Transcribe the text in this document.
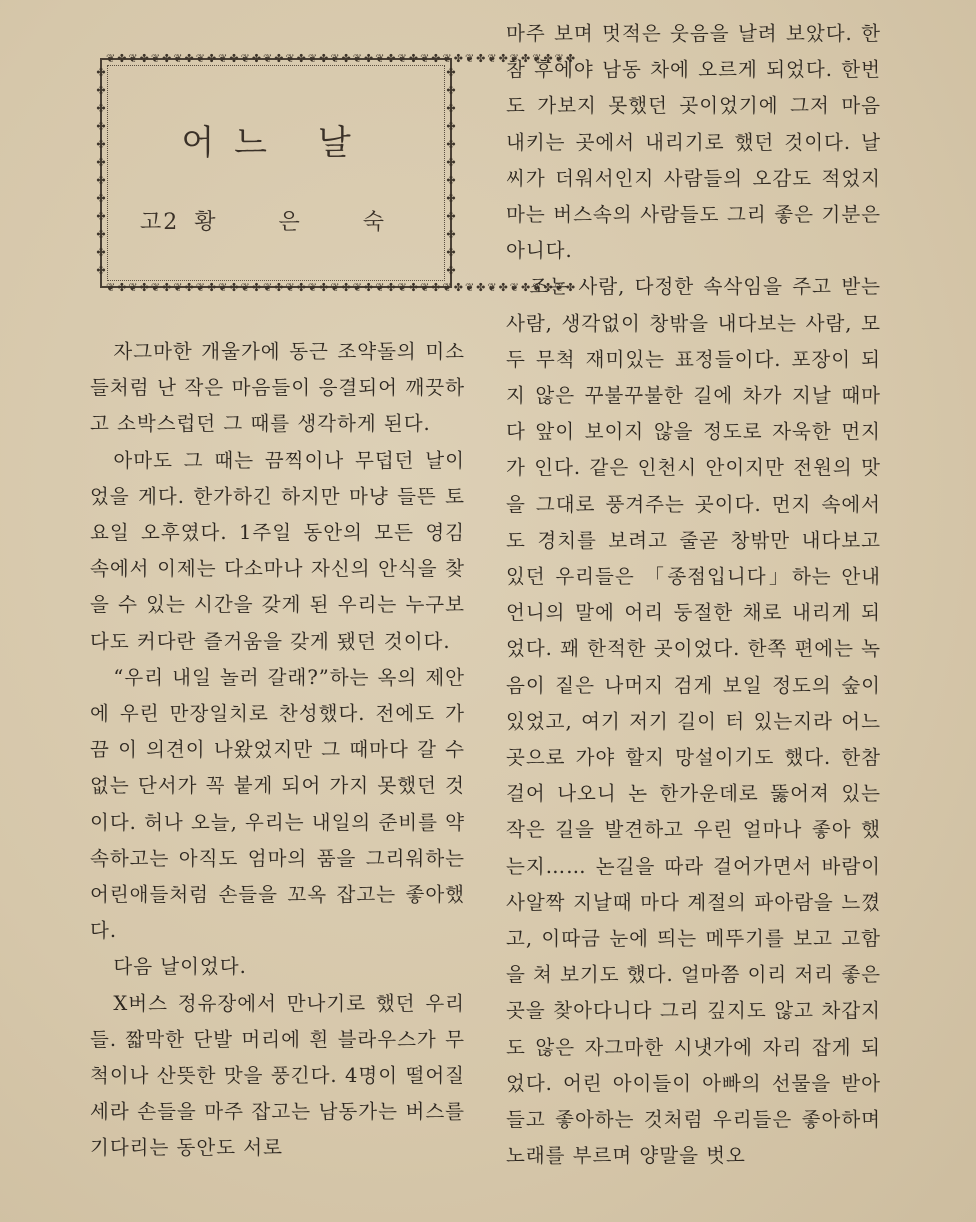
❦✤❦✤❦✤❦✤❦✤❦✤❦✤❦✤❦✤❦✤❦✤❦✤❦✤❦✤❦✤❦✤❦✤❦✤❦✤❦✤❦✤
❦✤❦✤❦✤❦✤❦✤❦✤❦✤❦✤❦✤❦✤❦✤❦✤❦✤❦✤❦✤❦✤❦✤❦✤❦✤❦✤❦✤
✤ ✤ ✤ ✤ ✤ ✤ ✤ ✤ ✤ ✤ ✤ ✤
✤ ✤ ✤ ✤ ✤ ✤ ✤ ✤ ✤ ✤ ✤ ✤
어느 날
고2 황 은 숙

자그마한 개울가에 동근 조약돌의 미소들처럼 난 작은 마음들이 응결되어 깨끗하고 소박스럽던 그 때를 생각하게 된다.

아마도 그 때는 끔찍이나 무덥던 날이었을 게다. 한가하긴 하지만 마냥 들뜬 토요일 오후였다. 1주일 동안의 모든 영김 속에서 이제는 다소마나 자신의 안식을 찾을 수 있는 시간을 갖게 된 우리는 누구보다도 커다란 즐거움을 갖게 됐던 것이다.

“우리 내일 놀러 갈래?”하는 옥의 제안에 우린 만장일치로 찬성했다. 전에도 가끔 이 의견이 나왔었지만 그 때마다 갈 수 없는 단서가 꼭 붙게 되어 가지 못했던 것이다. 허나 오늘, 우리는 내일의 준비를 약속하고는 아직도 엄마의 품을 그리워하는 어린애들처럼 손들을 꼬옥 잡고는 좋아했다.

다음 날이었다.

X버스 정유장에서 만나기로 했던 우리들. 짧막한 단발 머리에 흰 블라우스가 무척이나 산뜻한 맛을 풍긴다. 4명이 떨어질세라 손들을 마주 잡고는 남동가는 버스를 기다리는 동안도 서로

마주 보며 멋적은 웃음을 날려 보았다. 한참 후에야 남동 차에 오르게 되었다. 한번도 가보지 못했던 곳이었기에 그저 마음 내키는 곳에서 내리기로 했던 것이다. 날씨가 더워서인지 사람들의 오감도 적었지마는 버스속의 사람들도 그리 좋은 기분은 아니다.

조는 사람, 다정한 속삭임을 주고 받는 사람, 생각없이 창밖을 내다보는 사람, 모두 무척 재미있는 표정들이다. 포장이 되지 않은 꾸불꾸불한 길에 차가 지날 때마다 앞이 보이지 않을 정도로 자욱한 먼지가 인다. 같은 인천시 안이지만 전원의 맛을 그대로 풍겨주는 곳이다. 먼지 속에서도 경치를 보려고 줄곧 창밖만 내다보고 있던 우리들은 「종점입니다」하는 안내 언니의 말에 어리 둥절한 채로 내리게 되었다. 꽤 한적한 곳이었다. 한쪽 편에는 녹음이 짙은 나머지 검게 보일 정도의 숲이 있었고, 여기 저기 길이 터 있는지라 어느 곳으로 가야 할지 망설이기도 했다. 한참 걸어 나오니 논 한가운데로 뚫어져 있는 작은 길을 발견하고 우린 얼마나 좋아 했는지…… 논길을 따라 걸어가면서 바람이 사알짝 지날때 마다 계절의 파아람을 느꼈고, 이따금 눈에 띄는 메뚜기를 보고 고함을 쳐 보기도 했다. 얼마쯤 이리 저리 좋은 곳을 찾아다니다 그리 깊지도 않고 차갑지도 않은 자그마한 시냇가에 자리 잡게 되었다. 어린 아이들이 아빠의 선물을 받아 들고 좋아하는 것처럼 우리들은 좋아하며 노래를 부르며 양말을 벗오
